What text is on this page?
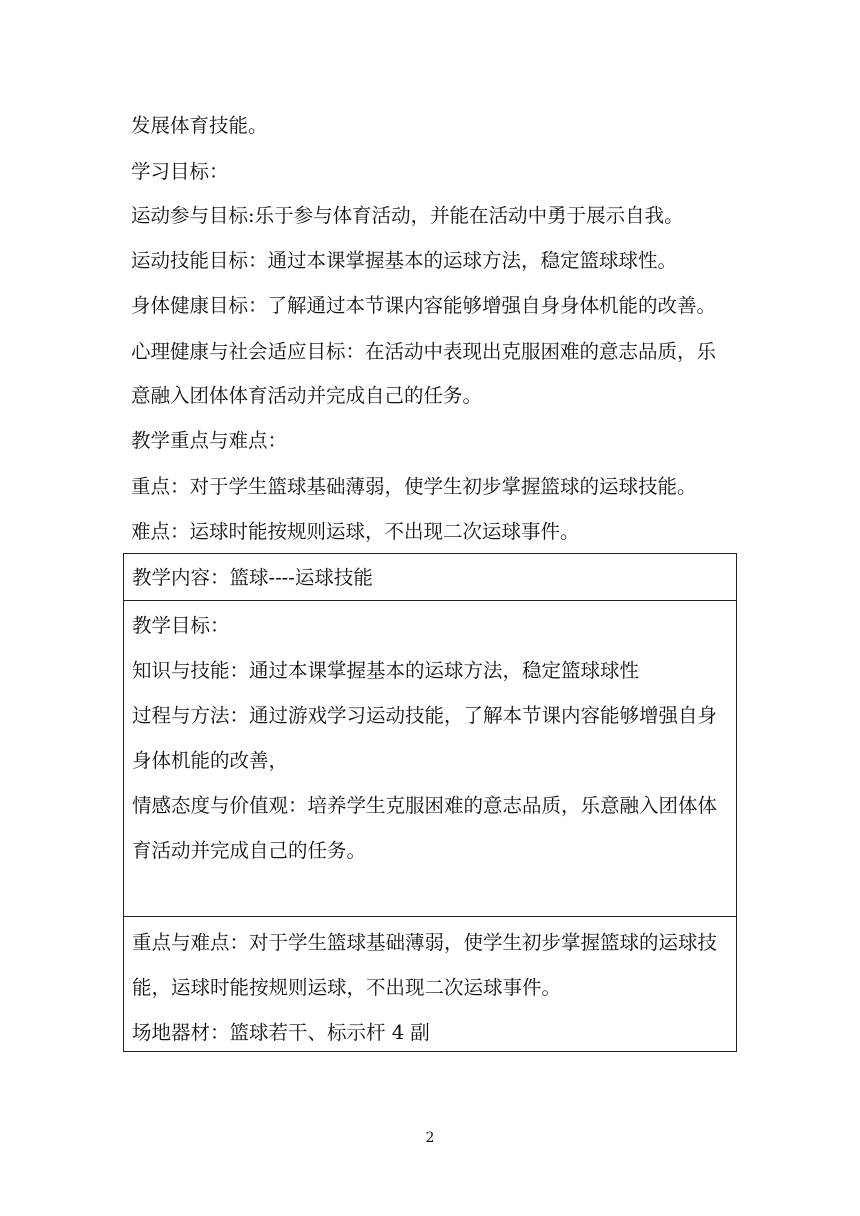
发展体育技能。
学习目标：
运动参与目标:乐于参与体育活动，并能在活动中勇于展示自我。
运动技能目标：通过本课掌握基本的运球方法，稳定篮球球性。
身体健康目标：了解通过本节课内容能够增强自身身体机能的改善。
心理健康与社会适应目标：在活动中表现出克服困难的意志品质，乐
意融入团体体育活动并完成自己的任务。
教学重点与难点：
重点：对于学生篮球基础薄弱，使学生初步掌握篮球的运球技能。
难点：运球时能按规则运球，不出现二次运球事件。
教学内容：篮球----运球技能
教学目标：
知识与技能：通过本课掌握基本的运球方法，稳定篮球球性
过程与方法：通过游戏学习运动技能，了解本节课内容能够增强自身
身体机能的改善，
情感态度与价值观：培养学生克服困难的意志品质，乐意融入团体体
育活动并完成自己的任务。
重点与难点：对于学生篮球基础薄弱，使学生初步掌握篮球的运球技
能，运球时能按规则运球，不出现二次运球事件。
场地器材：篮球若干、标示杆 4 副
2
